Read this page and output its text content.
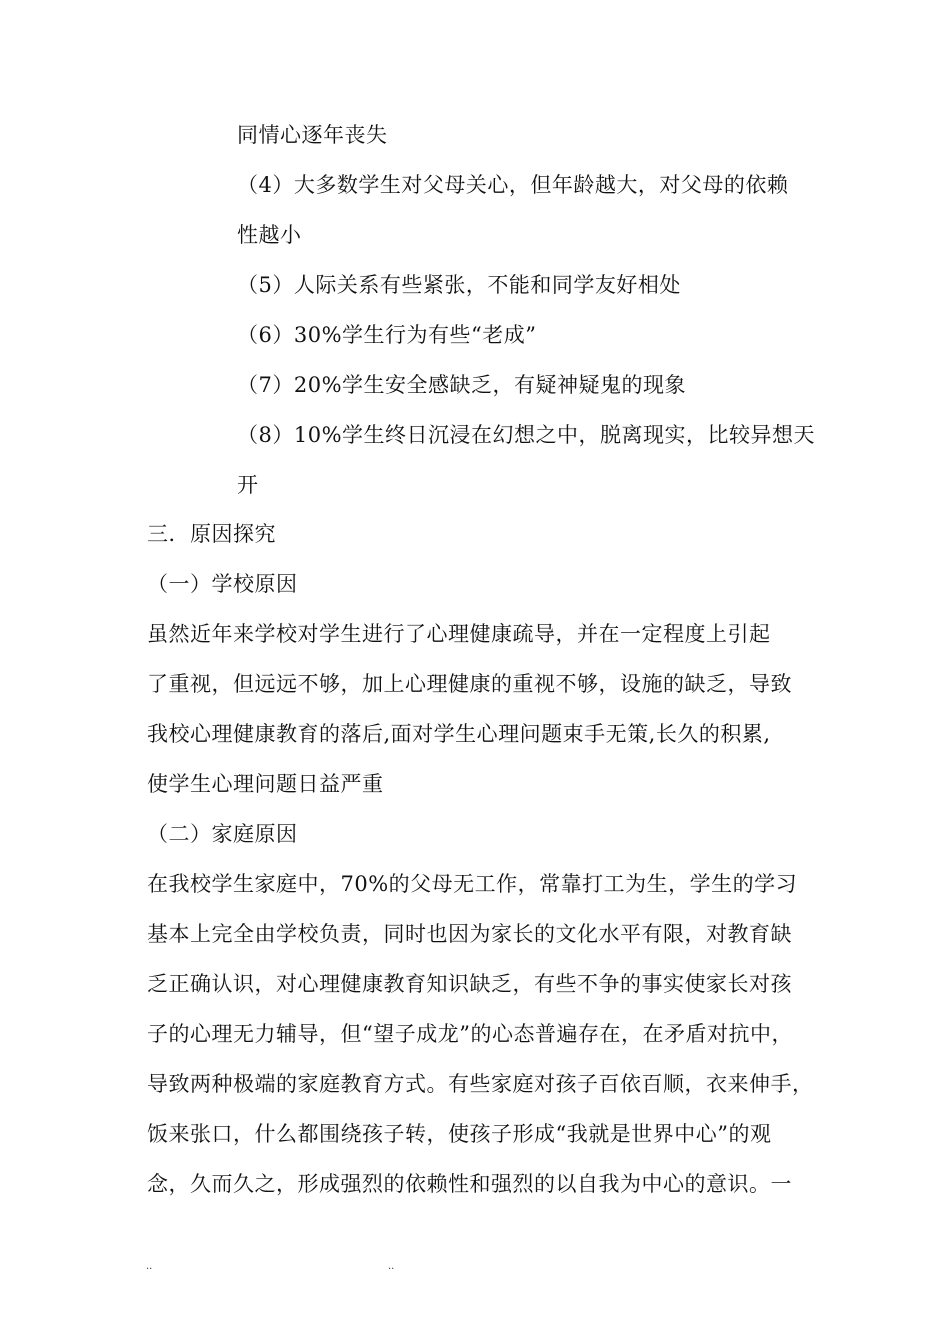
同情心逐年丧失
（4）大多数学生对父母关心，但年龄越大，对父母的依赖
性越小
（5）人际关系有些紧张，不能和同学友好相处
（6）30%学生行为有些“老成”
（7）20%学生安全感缺乏，有疑神疑鬼的现象
（8）10%学生终日沉浸在幻想之中，脱离现实，比较异想天
开
三．原因探究
（一）学校原因
虽然近年来学校对学生进行了心理健康疏导，并在一定程度上引起
了重视，但远远不够，加上心理健康的重视不够，设施的缺乏，导致
我校心理健康教育的落后,面对学生心理问题束手无策,长久的积累,
使学生心理问题日益严重
（二）家庭原因
在我校学生家庭中，70%的父母无工作，常靠打工为生，学生的学习
基本上完全由学校负责，同时也因为家长的文化水平有限，对教育缺
乏正确认识，对心理健康教育知识缺乏，有些不争的事实使家长对孩
子的心理无力辅导，但“望子成龙”的心态普遍存在，在矛盾对抗中，
导致两种极端的家庭教育方式。有些家庭对孩子百依百顺，衣来伸手，
饭来张口，什么都围绕孩子转，使孩子形成“我就是世界中心”的观
念，久而久之，形成强烈的依赖性和强烈的以自我为中心的意识。一
..	..
